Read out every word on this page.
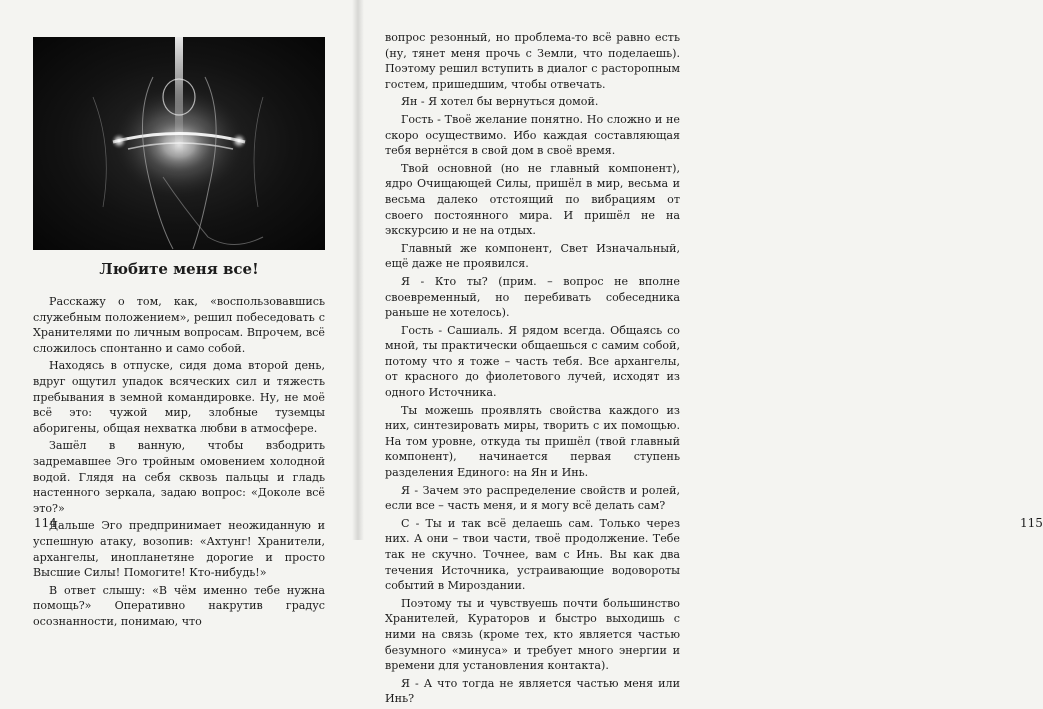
Любите меня все!

Расскажу о том, как, «воспользовавшись служебным положением», решил побеседовать с Хранителями по личным вопросам. Впрочем, всё сложилось спонтанно и само собой.

Находясь в отпуске, сидя дома второй день, вдруг ощутил упадок всяческих сил и тяжесть пребывания в земной командировке. Ну, не моё всё это: чужой мир, злобные туземцы аборигены, общая нехватка любви в атмосфере.

Зашёл в ванную, чтобы взбодрить задремавшее Эго тройным омовением холодной водой. Глядя на себя сквозь пальцы и гладь настенного зеркала, задаю вопрос: «Доколе всё это?»

Дальше Эго предпринимает неожиданную и успешную атаку, возопив: «Ахтунг! Хранители, архангелы, инопланетяне дорогие и просто Высшие Силы! Помогите! Кто-нибудь!»

В ответ слышу: «В чём именно тебе нужна помощь?» Оперативно накрутив градус осознанности, понимаю, что

114	115

вопрос резонный, но проблема-то всё равно есть (ну, тянет меня прочь с Земли, что поделаешь). Поэтому решил вступить в диалог с расторопным гостем, пришедшим, чтобы отвечать.

Ян - Я хотел бы вернуться домой.

Гость - Твоё желание понятно. Но сложно и не скоро осуществимо. Ибо каждая составляющая тебя вернётся в свой дом в своё время.

Твой основной (но не главный компонент), ядро Очищающей Силы, пришёл в мир, весьма и весьма далеко отстоящий по вибрациям от своего постоянного мира. И пришёл не на экскурсию и не на отдых.

Главный же компонент, Свет Изначальный, ещё даже не проявился.

Я - Кто ты? (прим. – вопрос не вполне своевременный, но перебивать собеседника раньше не хотелось).

Гость - Сашиаль. Я рядом всегда. Общаясь со мной, ты практически общаешься с самим собой, потому что я тоже – часть тебя. Все архангелы, от красного до фиолетового лучей, исходят из одного Источника.

Ты можешь проявлять свойства каждого из них, синтезировать миры, творить с их помощью. На том уровне, откуда ты пришёл (твой главный компонент), начинается первая ступень разделения Единого: на Ян и Инь.

Я - Зачем это распределение свойств и ролей, если все – часть меня, и я могу всё делать сам?

С - Ты и так всё делаешь сам. Только через них. А они – твои части, твоё продолжение. Тебе так не скучно. Точнее, вам с Инь. Вы как два течения Источника, устраивающие водовороты событий в Мироздании.

Поэтому ты и чувствуешь почти большинство Хранителей, Кураторов и быстро выходишь с ними на связь (кроме тех, кто является частью безумного «минуса» и требует много энергии и времени для установления контакта).

Я - А что тогда не является частью меня или Инь?
